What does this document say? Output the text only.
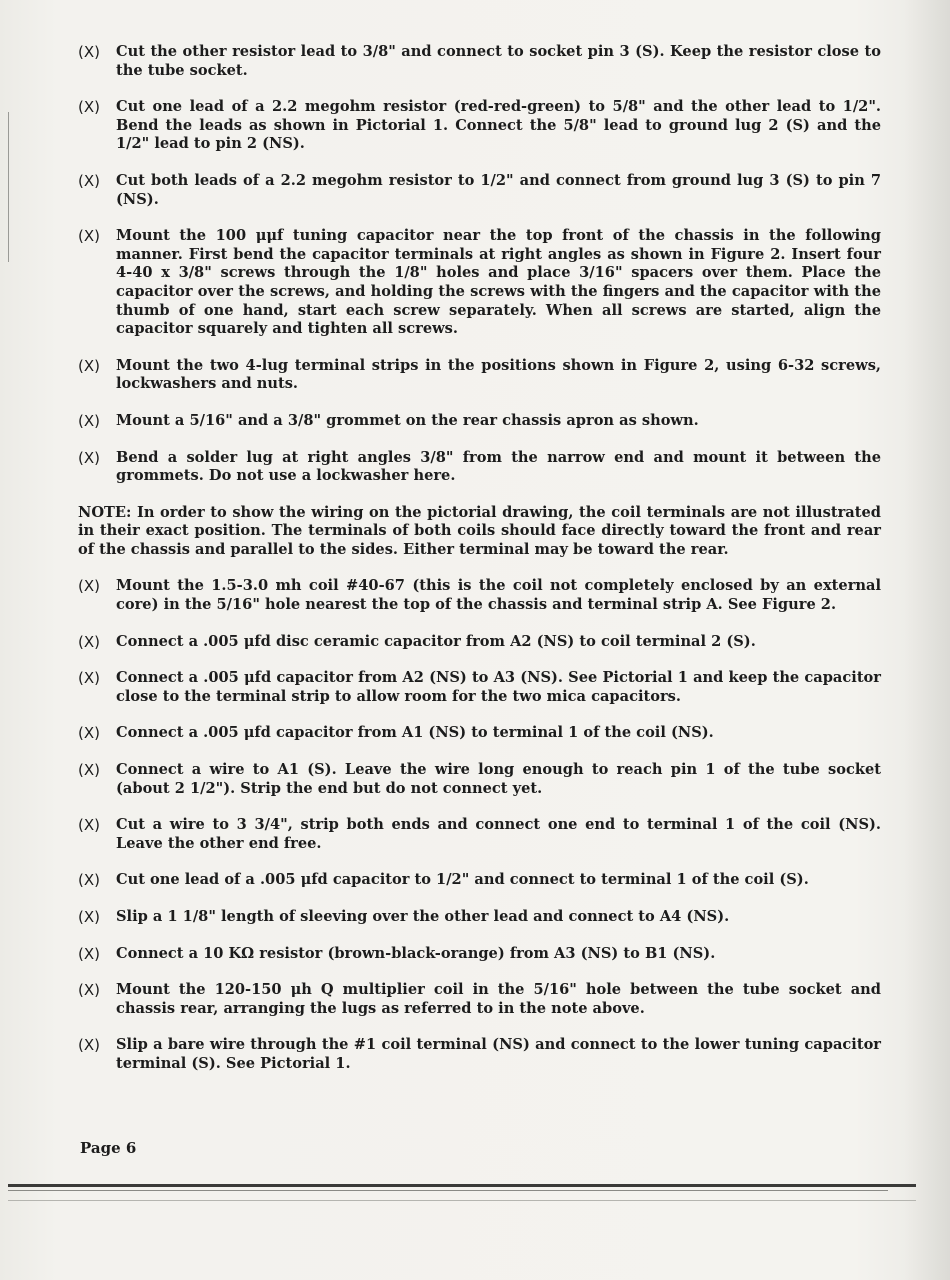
(X)	Cut the other resistor lead to 3/8" and connect to socket pin 3 (S). Keep the resistor close to the tube socket.
(X)	Cut one lead of a 2.2 megohm resistor (red-red-green) to 5/8" and the other lead to 1/2". Bend the leads as shown in Pictorial 1. Connect the 5/8" lead to ground lug 2 (S) and the 1/2" lead to pin 2 (NS).
(X)	Cut both leads of a 2.2 megohm resistor to 1/2" and connect from ground lug 3 (S) to pin 7 (NS).
(X)	Mount the 100 μμf tuning capacitor near the top front of the chassis in the following manner. First bend the capacitor terminals at right angles as shown in Figure 2. Insert four 4-40 x 3/8" screws through the 1/8" holes and place 3/16" spacers over them. Place the capacitor over the screws, and holding the screws with the fingers and the capacitor with the thumb of one hand, start each screw separately. When all screws are started, align the capacitor squarely and tighten all screws.
(X)	Mount the two 4-lug terminal strips in the positions shown in Figure 2, using 6-32 screws, lockwashers and nuts.
(X)	Mount a 5/16" and a 3/8" grommet on the rear chassis apron as shown.
(X)	Bend a solder lug at right angles 3/8" from the narrow end and mount it between the grommets. Do not use a lockwasher here.
NOTE: In order to show the wiring on the pictorial drawing, the coil terminals are not illustrated in their exact position. The terminals of both coils should face directly toward the front and rear of the chassis and parallel to the sides. Either terminal may be toward the rear.
(X)	Mount the 1.5-3.0 mh coil #40-67 (this is the coil not completely enclosed by an external core) in the 5/16" hole nearest the top of the chassis and terminal strip A. See Figure 2.
(X)	Connect a .005 μfd disc ceramic capacitor from A2 (NS) to coil terminal 2 (S).
(X)	Connect a .005 μfd capacitor from A2 (NS) to A3 (NS). See Pictorial 1 and keep the capacitor close to the terminal strip to allow room for the two mica capacitors.
(X)	Connect a .005 μfd capacitor from A1 (NS) to terminal 1 of the coil (NS).
(X)	Connect a wire to A1 (S). Leave the wire long enough to reach pin 1 of the tube socket (about 2 1/2"). Strip the end but do not connect yet.
(X)	Cut a wire to 3 3/4", strip both ends and connect one end to terminal 1 of the coil (NS). Leave the other end free.
(X)	Cut one lead of a .005 μfd capacitor to 1/2" and connect to terminal 1 of the coil (S).
(X)	Slip a 1 1/8" length of sleeving over the other lead and connect to A4 (NS).
(X)	Connect a 10 KΩ resistor (brown-black-orange) from A3 (NS) to B1 (NS).
(X)	Mount the 120-150 μh Q multiplier coil in the 5/16" hole between the tube socket and chassis rear, arranging the lugs as referred to in the note above.
(X)	Slip a bare wire through the #1 coil terminal (NS) and connect to the lower tuning capacitor terminal (S). See Pictorial 1.
Page 6
